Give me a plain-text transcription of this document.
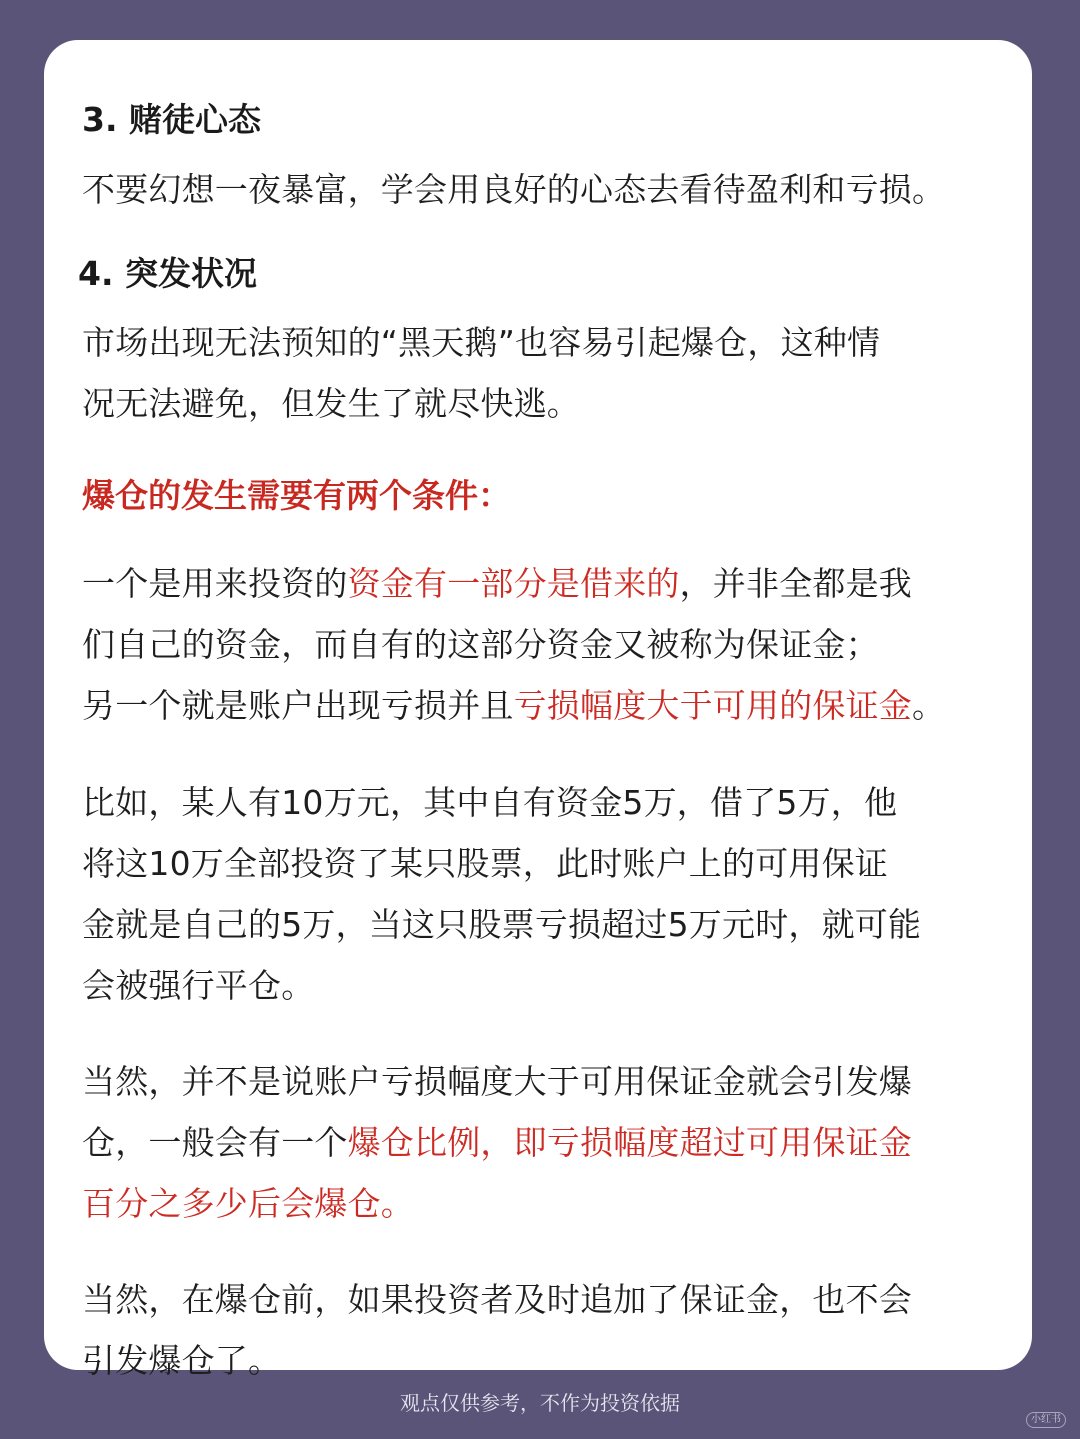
3. 赌徒心态
不要幻想一夜暴富，学会用良好的心态去看待盈利和亏损。
4. 突发状况
市场出现无法预知的“黑天鹅”也容易引起爆仓，这种情
况无法避免，但发生了就尽快逃。
爆仓的发生需要有两个条件：
一个是用来投资的资金有一部分是借来的，并非全都是我
们自己的资金，而自有的这部分资金又被称为保证金；
另一个就是账户出现亏损并且亏损幅度大于可用的保证金。
比如，某人有10万元，其中自有资金5万，借了5万，他
将这10万全部投资了某只股票，此时账户上的可用保证
金就是自己的5万，当这只股票亏损超过5万元时，就可能
会被强行平仓。
当然，并不是说账户亏损幅度大于可用保证金就会引发爆
仓，一般会有一个爆仓比例，即亏损幅度超过可用保证金
百分之多少后会爆仓。
当然，在爆仓前，如果投资者及时追加了保证金，也不会
引发爆仓了。
观点仅供参考，不作为投资依据
小红书
